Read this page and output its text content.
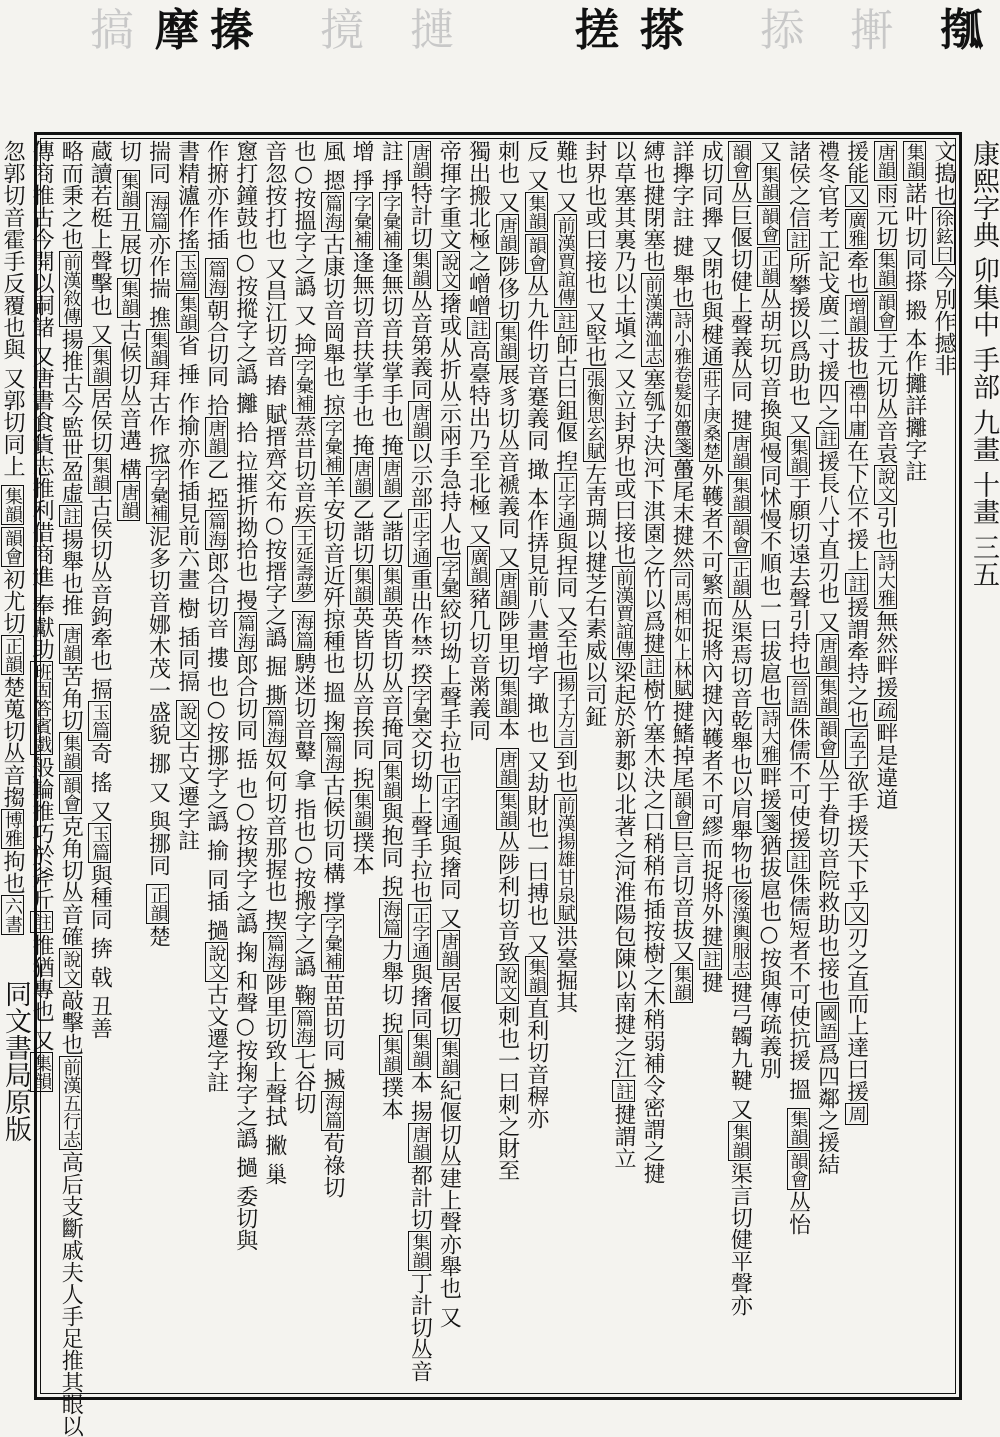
摦
搟
掭
搽
搓
摙
摬
搸
摩
搞
康熙字典 卯集中 手部 九畫 十畫 三五
同文書局原版
文搗也徐鉉曰今別作撼非
集韻諾叶切同搽 摋 本作攡詳攡字註
唐韻雨元切集韻韻會于元切丛音袁說文引也詩大雅無然畔援疏畔是違道
援能又廣雅牽也增韻拔也禮中庸在下位不援上註援謂牽持之也孟子欲手援天下乎又刃之直而上達曰援周
禮冬官考工記戈廣二寸援四之註援長八寸直刃也 又唐韻集韻韻會丛于眷切音院救助也接也國語爲四鄰之援結
諸侯之信註所攀援以爲助也 又集韻于願切遠去聲引持也晉語侏儒不可使援註侏儒短者不可使抗援 搵 集韻韻會丛怡
又集韻韻會正韻丛胡玩切音換與慢同怵慢不順也一曰拔扈也詩大雅畔援箋猶拔扈也○按與傳疏義別
韻會丛巨偃切健上聲義丛同 揵唐韻集韻韻會正韻丛渠焉切音乾舉也以肩舉物也後漢輿服志揵弓韣九鞬 又集韻渠言切健平聲亦
成切同攑 又閉也與楗通莊子庚桑楚外韄者不可繁而捉將內揵內韄者不可繆而捉將外揵註揵
詳攑字註 揵 舉也詩小雅卷髮如蠆箋蠆尾末揵然司馬相如上林賦揵鰭掉尾韻會巨言切音拔又集韻
縛也揵閉塞也前漢溝洫志塞瓠子決河下淇園之竹以爲揵註樹竹塞木決之口稍稍布插按樹之木稍弱補令密謂之揵
以草塞其裏乃以土塡之 又立封界也或曰接也前漢賈誼傳梁起於新郪以北著之河淮陽包陳以南揵之江註揵謂立
封界也或曰接也 又堅也張衡思玄賦左靑琱以揵芝右素威以司鉦
難也 又前漢賈誼傳註師古曰鉏偃 揑正字通與捏同 又至也揚子方言到也前漢揚雄甘泉賦洪臺掘其
反 又集韻韻會丛九件切音蹇義同 撖 本作挵見前八畫增字 撖 也 又劫財也一曰搏也 又集韻直利切音稺亦
刺也 又唐韻陟侈切集韻展豸切丛音褫義同 又唐韻陟里切集韻本 唐韻集韻丛陟利切音致說文刺也一曰刺之財至
獨出搬北極之嶒嶒註高臺特出乃至北極 又廣韻豬几切音黹義同
帝揮字重文說文撦或从折从示兩手急持人也字彙絞切坳上聲手拉也正字通與撦同 又唐韻居偃切集韻紀偃切丛建上聲亦舉也 又
唐韻特計切集韻丛音第義同唐韻以示部正字通重出作禁 揆字彙交切坳上聲手拉也正字通與撦同集韻本 掦唐韻都計切集韻丁計切丛音
註 掙字彙補逢無切音扶掌手也 掩唐韻乙諧切集韻英皆切丛音掩同集韻與抱同 掜海篇力舉切 掜集韻撲本
增 掙字彙補逢無切音扶掌手也 掩唐韻乙諧切集韻英皆切丛音挨同 掜集韻撲本
風 摁篇海古康切音岡舉也 掠字彙補羊安切音近歼掠種也 搵 掬篇海古候切同構 撑字彙補苗苗切同 搣海篇荀祿切
也○按搵字之譌 又 掵字彙補蒸昔切音疾王延壽夢 海篇騁迷切音鼙 拿 指也○按搬字之譌 鞠篇海七谷切
音忽按打也 又昌江切音 摏 賦搢齊交布○按搢字之譌 掘 撕篇海奴何切音那握也 揳篇海陟里切致上聲拭 撇 巢
窻打鐘鼓也○按摐字之譌 攡 拾 拉摧折拗拾也 摱篇海郎合切同 捳 也○按揳字之譌 掬 和聲○按掬字之譌 撾 委切與
作捬亦作插 篇海朝合切同 拾唐韻乙 掗篇海郎合切音 摟 也○按挪字之譌 揄 同插 撾說文古文遷字註
書精瀘作搖玉篇集韻省 捶 作揄亦作插見前六畫 樹 插同搹 說文古文遷字註
揣同 海篇亦作揣 撨集韻拜古作 搲字彙補泥多切音娜木茂一盛貌 挪 又 與挪同 正韻楚
切 集韻丑展切集韻古候切丛音遘 構唐韻
蔵讀若梃上聲擊也 又集韻居侯切集韻古侯切丛音鉤牽也 搹玉篇奇 搖 又玉篇與種同 捹 戟 丑善
略而秉之也前漢敘傳揚推古今監世盈虛註揚舉也推 唐韻苦角切集韻韻會克角切丛音確說文敲擊也前漢五行志高后支斷戚夫人手足推其眼以
傳商推古今開以嗣諸 又唐書食貨志推利借商進 奉獻助班固答賓戲般輪推巧於斧斤註推猶專也 又集韻
忽郭切音霍手反覆也與 又郭切同上 集韻韻會初尤切正韻楚蒐切丛音搊博雅拘也六書
